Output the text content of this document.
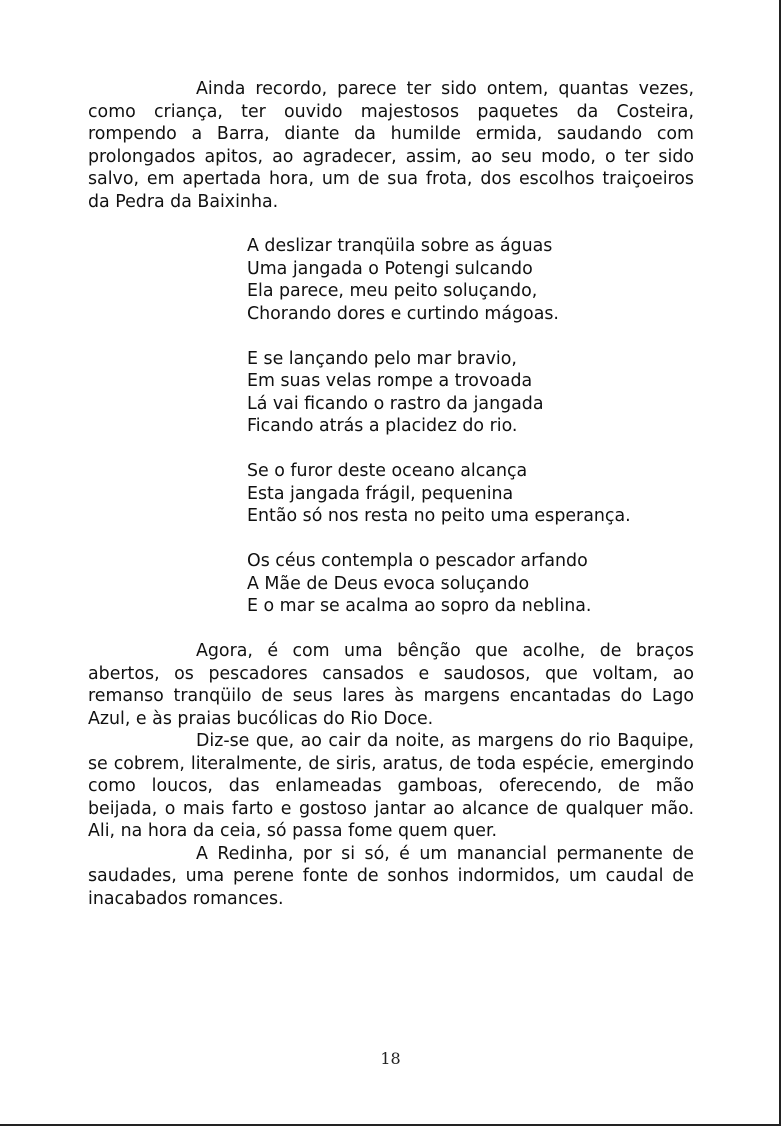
Ainda recordo, parece ter sido ontem, quantas vezes, como criança, ter ouvido majestosos paquetes da Costeira, rompendo a Barra, diante da humilde ermida, saudando com prolongados apitos, ao agradecer, assim, ao seu modo, o ter sido salvo, em apertada hora, um de sua frota, dos escolhos traiçoeiros da Pedra da Baixinha.

A deslizar tranqüila sobre as águas
Uma jangada o Potengi sulcando
Ela parece, meu peito soluçando,
Chorando dores e curtindo mágoas.
E se lançando pelo mar bravio,
Em suas velas rompe a trovoada
Lá vai ficando o rastro da jangada
Ficando atrás a placidez do rio.
Se o furor deste oceano alcança
Esta jangada frágil, pequenina
Então só nos resta no peito uma esperança.
Os céus contempla o pescador arfando
A Mãe de Deus evoca soluçando
E o mar se acalma ao sopro da neblina.

Agora, é com uma bênção que acolhe, de braços abertos, os pescadores cansados e saudosos, que voltam, ao remanso tranqüilo de seus lares às margens encantadas do Lago Azul, e às praias bucólicas do Rio Doce.

Diz-se que, ao cair da noite, as margens do rio Baquipe, se cobrem, literalmente, de siris, aratus, de toda espécie, emergindo como loucos, das enlameadas gamboas, oferecendo, de mão beijada, o mais farto e gostoso jantar ao alcance de qualquer mão. Ali, na hora da ceia, só passa fome quem quer.

A Redinha, por si só, é um manancial permanente de saudades, uma perene fonte de sonhos indormidos, um caudal de inacabados romances.

18
